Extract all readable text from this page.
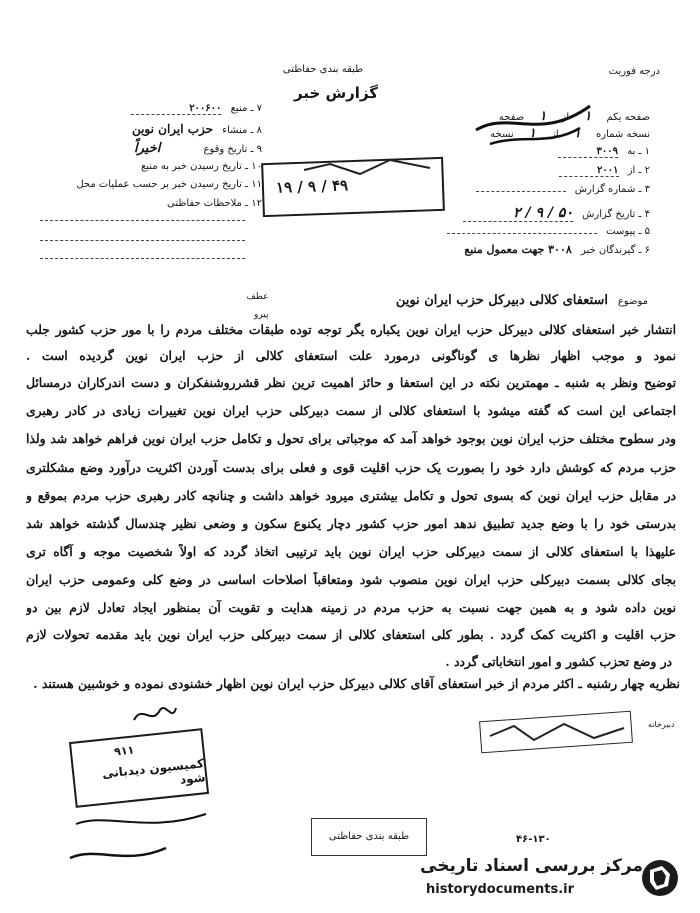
طبقه بندی حفاظتی	درجه فوریت
گزارش خبر
صفحه یکم ۱ از ۱ صفحه
نسخه شماره ۱ از ۱ نسخه
۱ ـ به ۳۰۰۹
۲ ـ از ۲۰۰۱
۳ ـ شماره گزارش
۴ ـ تاریخ گزارش ۵۰ / ۹ / ۲
۵ ـ پیوست
۶ ـ گیرندگان خبر ۳۰۰۸ جهت معمول منبع
۷ ـ منبع ۲۰۰۶۰۰
۸ ـ منشاء حزب ایران نوین
۹ ـ تاریخ وقوع اخیراً
۱۰ ـ تاریخ رسیدن خبر به منبع
۱۱ ـ تاریخ رسیدن خبر بر حسب عملیات محل
۱۲ ـ ملاحظات حفاظتی
۱۹ / ۹ / ۴۹
عطف
پیرو
موضوع استعفای کلالی دبیرکل حزب ایران نوین
انتشار خبر استعفای کلالی دبیرکل حزب ایران نوین یکباره یگر توجه توده طبقات مختلف مردم را با مور حزب کشور جلب
نمود و موجب اظهار نظرها ی گوناگونی درمورد علت استعفای کلالی از حزب ایران نوین گردیده است .
توضیح ونظر به شنبه ـ مهمترین نکته در این استعفا و حائز اهمیت ترین نظر قشرروشنفکران و دست اندرکاران درمسائل
اجتماعی این است که گفته میشود با استعفای کلالی از سمت دبیرکلی حزب ایران نوین تغییرات زیادی در کادر رهبری
ودر سطوح مختلف حزب ایران نوین بوجود خواهد آمد که موجباتی برای تحول و تکامل حزب ایران نوین فراهم خواهد شد ولذا
حزب مردم که کوشش دارد خود را بصورت یک حزب اقلیت قوی و فعلی برای بدست آوردن اکثریت درآورد وضع مشکلتری
در مقابل حزب ایران نوین که بسوی تحول و تکامل بیشتری میرود خواهد داشت و چنانچه کادر رهبری حزب مردم بموقع و
بدرستی خود را با وضع جدید تطبیق ندهد امور حزب کشور دچار یکنوع سکون و وضعی نظیر چندسال گذشته خواهد شد
علیهذا با استعفای کلالی از سمت دبیرکلی حزب ایران نوین باید ترتیبی اتخاذ گردد که اولاً شخصیت موجه و آگاه تری
بجای کلالی بسمت دبیرکلی حزب ایران نوین منصوب شود ومتعاقباً اصلاحات اساسی در وضع کلی وعمومی حزب ایران
نوین داده شود و به همین جهت نسبت به حزب مردم در زمینه هدایت و تقویت آن بمنظور ایجاد تعادل لازم بین دو
حزب اقلیت و اکثریت کمک گردد . بطور کلی استعفای کلالی از سمت دبیرکلی حزب ایران نوین باید مقدمه تحولات لازم
در وضع تحزب کشور و امور انتخاباتی گردد .
نظریه چهار رشنبه ـ اکثر مردم از خبر استعفای آقای کلالی دبیرکل حزب ایران نوین اظهار خشنودی نموده و خوشبین هستند .
دبیرخانه
۹۱۱
کمیسیون دیدبانی شود
طبقه بندی حفاظتی	۴۶-۱۳۰
مرکز بررسی اسناد تاریخی
historydocuments.ir
